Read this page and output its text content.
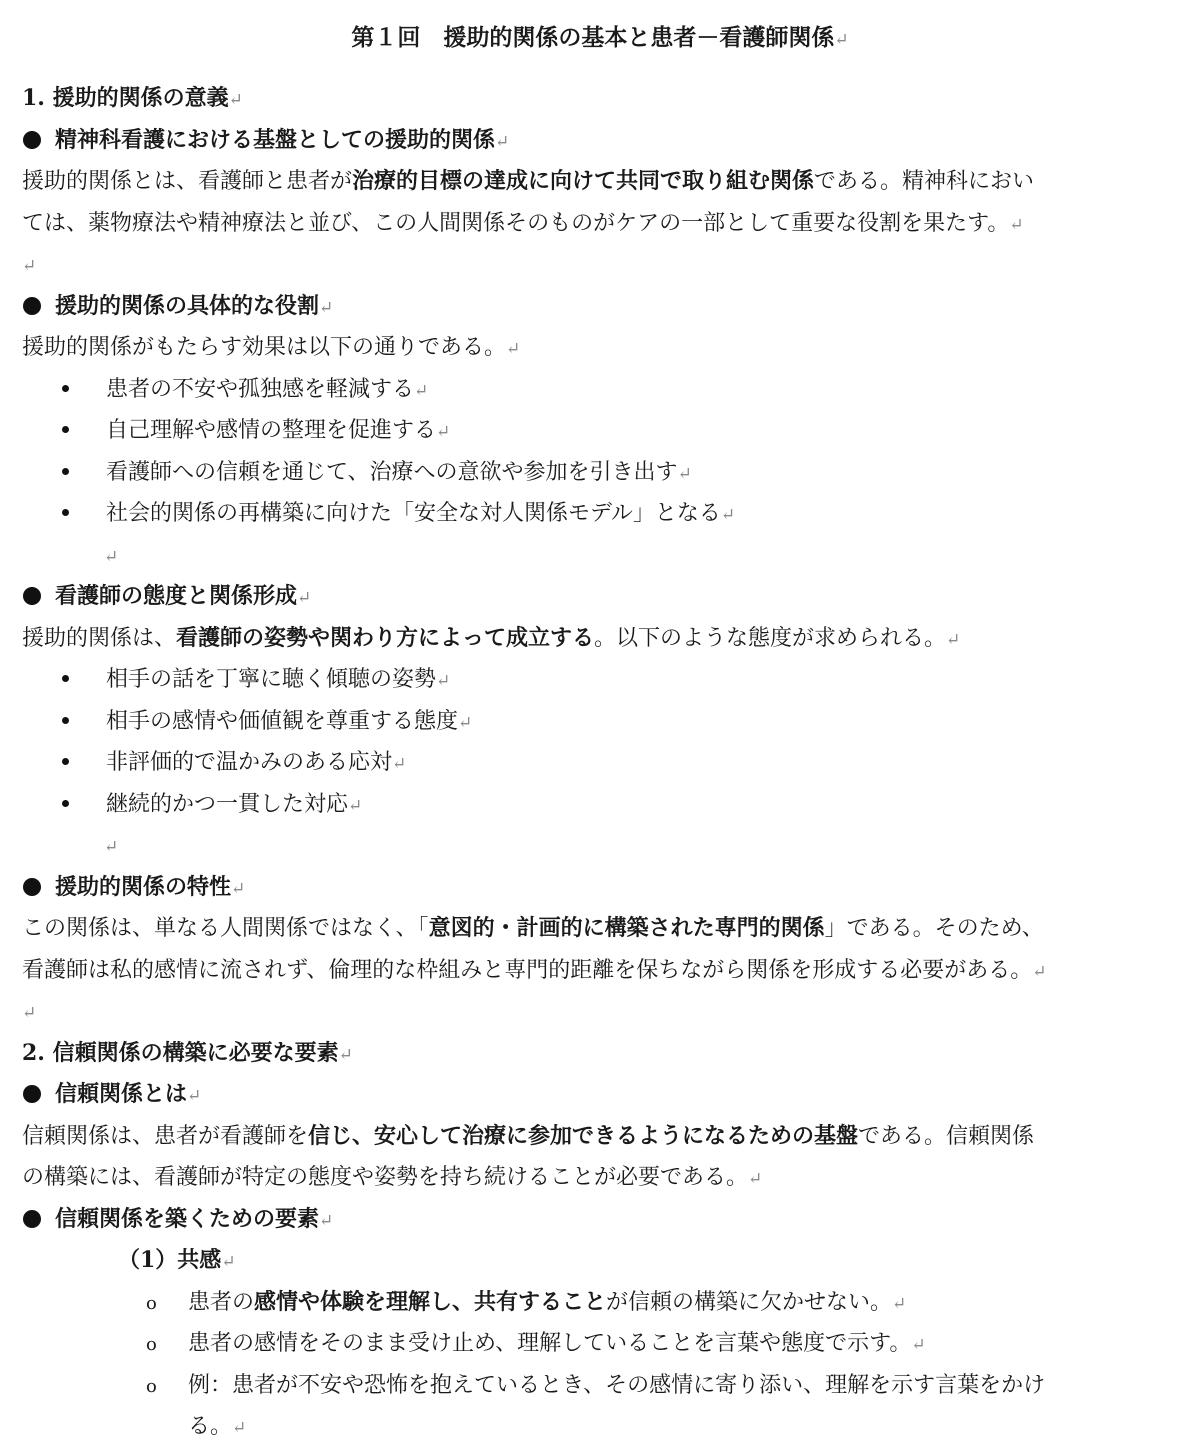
第１回　援助的関係の基本と患者－看護師関係↵
1. 援助的関係の意義↵
精神科看護における基盤としての援助的関係↵
援助的関係とは、看護師と患者が治療的目標の達成に向けて共同で取り組む関係である。精神科におい
ては、薬物療法や精神療法と並び、この人間関係そのものがケアの一部として重要な役割を果たす。↵
↵
援助的関係の具体的な役割↵
援助的関係がもたらす効果は以下の通りである。↵
患者の不安や孤独感を軽減する↵
自己理解や感情の整理を促進する↵
看護師への信頼を通じて、治療への意欲や参加を引き出す↵
社会的関係の再構築に向けた「安全な対人関係モデル」となる↵
↵
看護師の態度と関係形成↵
援助的関係は、看護師の姿勢や関わり方によって成立する。以下のような態度が求められる。↵
相手の話を丁寧に聴く傾聴の姿勢↵
相手の感情や価値観を尊重する態度↵
非評価的で温かみのある応対↵
継続的かつ一貫した対応↵
↵
援助的関係の特性↵
この関係は、単なる人間関係ではなく、「意図的・計画的に構築された専門的関係」である。そのため、
看護師は私的感情に流されず、倫理的な枠組みと専門的距離を保ちながら関係を形成する必要がある。↵
↵
2. 信頼関係の構築に必要な要素↵
信頼関係とは↵
信頼関係は、患者が看護師を信じ、安心して治療に参加できるようになるための基盤である。信頼関係
の構築には、看護師が特定の態度や姿勢を持ち続けることが必要である。↵
信頼関係を築くための要素↵
（1）共感↵
o 患者の感情や体験を理解し、共有することが信頼の構築に欠かせない。↵
o 患者の感情をそのまま受け止め、理解していることを言葉や態度で示す。↵
o 例：患者が不安や恐怖を抱えているとき、その感情に寄り添い、理解を示す言葉をかけ
る。↵
